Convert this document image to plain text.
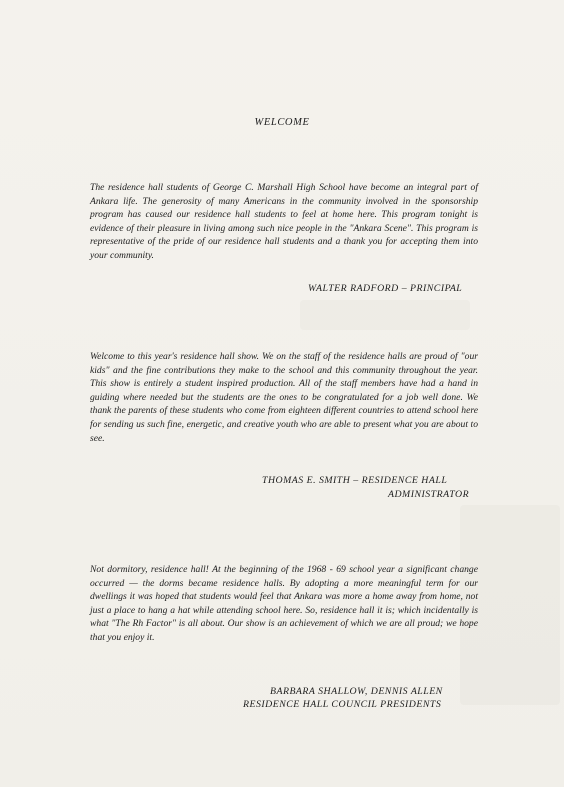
WELCOME

The residence hall students of George C. Marshall High School have become an integral part of Ankara life. The generosity of many Americans in the community involved in the sponsorship program has caused our residence hall students to feel at home here. This program tonight is evidence of their pleasure in living among such nice people in the "Ankara Scene". This program is representative of the pride of our residence hall students and a thank you for accepting them into your community.

WALTER RADFORD – PRINCIPAL

Welcome to this year's residence hall show. We on the staff of the residence halls are proud of "our kids" and the fine contributions they make to the school and this community throughout the year. This show is entirely a student inspired production. All of the staff members have had a hand in guiding where needed but the students are the ones to be congratulated for a job well done. We thank the parents of these students who come from eighteen different countries to attend school here for sending us such fine, energetic, and creative youth who are able to present what you are about to see.

THOMAS E. SMITH – RESIDENCE HALL
ADMINISTRATOR

Not dormitory, residence hall! At the beginning of the 1968 - 69 school year a significant change occurred — the dorms became residence halls. By adopting a more meaningful term for our dwellings it was hoped that students would feel that Ankara was more a home away from home, not just a place to hang a hat while attending school here. So, residence hall it is; which incidentally is what "The Rh Factor" is all about. Our show is an achievement of which we are all proud; we hope that you enjoy it.

BARBARA SHALLOW, DENNIS ALLEN
RESIDENCE HALL COUNCIL PRESIDENTS
